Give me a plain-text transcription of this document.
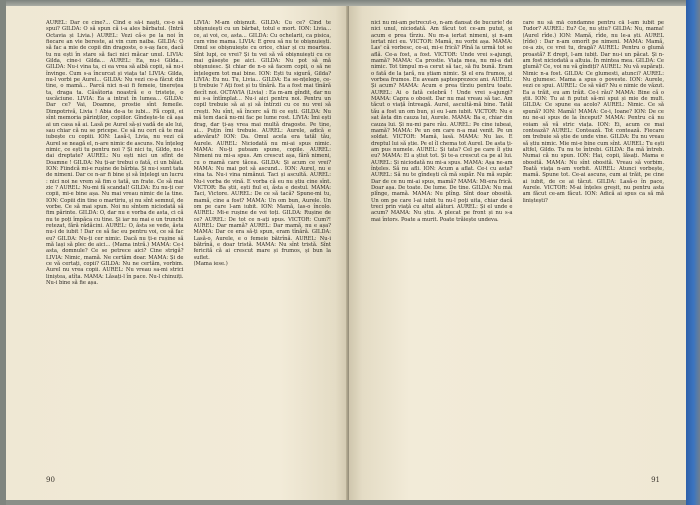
AUREL: Dar ce cine?... Cînd e să-i naști, ce-o să spui? GILDA: O să spun că i-a ales bărbatul. (Intră Octavia și Livia.) AUREL: Vezi că-s pe la noi în fiecare an vie bereste, ai vin cum naiba. GILDA: O să fac a mie de copii din dragoste, o s-aș face, dacă tu nu ești în stare să faci nici măcar unul. LIVIA: Gilda, cine-i Gilda... AUREL: Ea, nu-i Gilda... GILDA: Nu-i vina ta, ci ea vrea să aibă copii, să nu-i învinge. Cum s-a încurcat și viața ta! LIVIA: Gilda, nu-l vorbi pe Aurel... GILDA: Nu vezi ce-a făcut din tine, o mamă... Parcă nici n-ai fi femeie, tinerețea ta, draga ta. Căsătoria noastră e o tristețe, o uscăciune. LIVIA: Ea a intrat în lumea... GILDA: Dar ce? Vai, Doamne, prostie sînt femeile. Dimpotrivă, Livia ! Abia de-a te iubi... Fă copii, ei sînt memoria părinților, copiilor. Gîndește-te că așa ai un casa să ai. Lasă pe Aurel să-și vadă de ale lui, sau chiar că nu se pricepe. Ce să nu ceri că te mai iubește cu copiii. ION: Lasă-l, Livia, nu vezi că Aurel se neagă el, n-are nimic de ascuns. Nu înțeleg nimic, ce ești tu pentru noi ? Și nici tu, Gildo, nu-i dai dreptate? AUREL: Nu ești nici un sfînt de Doamne ! GILDA: Nu ți-ar trebui o fată, ci un băiat. ION: Fiindcă mi-e rușine de bărbia. Și nu-i sunt tata de nimeni. Dar ce n-ar fi bine și să înțelegi un lucru : nici noi ne vrem să fim o tată, un frate. Ce să mai zic ? AUREL: Nu-mi fă scandal! GILDA: Eu nu-ți cer copii, mi-e bine așa. Nu mai vreau nimic de la tine. ION: Copiii din tine o martiriu, și nu sînt semnul, de vorbe. Ce să mai spun. Noi nu sîntem niciodată să fim părinte. GILDA: O, dar nu e vorba de asta, ci că nu te poți împăca cu tine. Și iar nu mai e un trunchi retezat, fără rădăcini. AUREL: O, ăsta se vede, ăsta nu-i de iubit ! Dar ce să fac eu pentru voi, ce să fac eu? GILDA: Nu-ți cer nimic. Dacă nu ți-e rușine să mă lași să plec de aici... (Mama intră.) MAMA: Ce-i asta, domnule? Ce se petrece aici? Cine strigă? LIVIA: Nimic, mamă. Ne certăm doar. MAMA: Și de ce vă certați, copii? GILDA: Nu ne certăm, vorbim. Aurel nu vrea copii. AUREL: Nu vreau sa-mi strici liniștea, atîta. MAMA: Lăsați-l în pace. Nu-l chinuiți. Nu-i bine să fie așa.

LIVIA: M-am obișnuit. GILDA: Cu ce? Cînd te obișnuiești cu un bărbat, totul e mort. ION: Livia... ce, ai voi, ce, asta... GILDA: Cu ochelarii, ca pisica, cum vine mama. LIVIA: E greu să nu te obișnuiești. Omul se obișnuiește cu orice, chiar și cu moartea. Sînt lupi, ce vrei? Și tu vei să vă obișnuiești cu ce mai găsește pe aici. GILDA: Nu pot să mă obișnuiesc. Și chiar de n-o să facem copii, o să ne înțelegem tot mai bine. ION: Ești tu sigură, Gilda? LIVIA: Eu nu. Tu, Livia... GILDA: Ea se-nțelege, ce-ți trebuie ? Ați fost și tu tînără. Ea a fost mai tînără decît noi. OCTAVIA (Livia) : Ea m-am gîndit, dar nu mi s-a întîmplat... Nu-i aici pentru noi. Pentru un copil trebuie să ai și să întîrzii cu ce nu vrei să crești. Nu sînt, să încerc să fii ce ești. GILDA: Nu mă tem dacă nu-mi fac pe lume rost. LIVIA: Îmi ești drag, dar ți-aș vrea mai multă dragoste. Pe tine, ai... Puțin îmi trebuie. AUREL: Aurele, adică e adevărat? ION: Da. Omul acela era tatăl tău, Aurele. AUREL: Niciodată nu mi-ai spus nimic. MAMA: Nu-ți puteam spune, copile. AUREL: Nimeni nu mi-a spus. Am crescut așa, fără nimeni, cu o mamă care tăcea. GILDA: Și acum ce vrei? MAMA: Nu mai pot să ascund... ION: Aurel, nu e vina ta. Nu-i vina nimănui. Taci și ascultă. AUREL: Nu-i vorba de vină. E vorba că eu nu știu cine sînt. VICTOR: Ba știi, ești fiul ei, ăsta e destul. MAMA: Taci, Victore. AUREL: De ce să tacă? Spune-mi tu, mamă, cine a fost? MAMA: Un om bun, Aurele. Un om pe care l-am iubit. ION: Mamă, las-o încolo. AUREL: Mi-e rușine de voi toți. GILDA: Rușine de ce? AUREL: De tot ce n-ați spus. VICTOR: Cum?! AUREL: Dar mamă? AUREL: Dar mamă, nu e așa? MAMA: Dar ce era să-ți spun, eram tînără. GILDA: Lasă-o, Aurele, e o femeie bătrînă. AUREL: Nu-i bătrînă, e doar tristă. MAMA: Nu sînt tristă. Sînt fericită că ai crescut mare și frumos, și bun la suflet.

(Mama iese.)

90

nici nu mi-am petrecut-o, n-am dansat de bucurie! de nici unul, niciodată. Am făcut tot ce-am putut, și acum e prea tîrziu. Nu m-a iertat nimeni, și n-am iertat nici eu. VICTOR: Mamă, nu vorbi așa. MAMA: Las' că vorbesc, ce-ai, mi-e frică? Pînă la urmă tot se află. Ce-a fost, a fost. VICTOR: Unde vrei s-ajungi, mamă? MAMA: Ca prostie. Viața mea, nu mi-a dat nimic. Tot timpul m-a cerut să tac, să fiu bună. Eram o fată de la țară, nu știam nimic. Și el era frumos, și vorbea frumos. Eu aveam șaptesprezece ani. AUREL: Și acum? MAMA: Acum e prea tîrziu pentru toate. AUREL: Ai o fată celebră ! Unde vrei s-ajungi? MAMA: Capra o obosit. Dar nu mai vreau să tac. Am tăcut o viață întreagă. Aurel, ascultă-mă bine. Tatăl tău a fost un om bun, și eu l-am iubit. VICTOR: Nu e sat ăsta din cauza lui, Aurele. MAMA: Ba e, chiar din cauza lui. Și nu-mi pare rău. AUREL: Pe cine iubeai, mamă? MAMA: Pe un om care n-a mai venit. Pe un soldat. VICTOR: Mamă, lasă. MAMA: Nu las. E dreptul lui să știe. Pe el îl chema tot Aurel. De asta ți-am pus numele. AUREL: Și tata? Cel pe care îl știu eu? MAMA: El a știut tot. Și te-a crescut ca pe al lui. AUREL: Și niciodată nu mi-a spus. MAMA: Așa ne-am înțeles. Să nu afli. ION: Acum a aflat. Ce-i cu asta? AUREL: Să nu te gîndești că mă supăr. Nu mă supăr. Dar de ce nu mi-ai spus, mamă? MAMA: Mi-era frică. Doar așa. De toate. De lume. De tine. GILDA: Nu mai plînge, mamă. MAMA: Nu plîng. Sînt doar obosită. Un om pe care l-ai iubit tu nu-l poți uita, chiar dacă treci prin viață cu altul alături. AUREL: Și el unde e acum? MAMA: Nu știu. A plecat pe front și nu s-a mai întors. Poate a murit. Poate trăiește undeva.

care nu să mă condamne pentru că l-am iubit pe Tudor? AUREL: Eu? Ce, nu știu? GILDA: Nu, mama! (Aurel rîde.) ION: Mamă, rîde, nu le-a ști. AUREL (rîde) : Dar n-am omorît pe nimeni. MAMA: Mamă, ce-a zis, ce vrei tu, dragă? AUREL: Pentru o glumă proastă? E drept, l-am iubit. Dar nu-i un păcat. Și n-am fost niciodată a altuia. În mintea mea. GILDA: Ce glumă? Ce, voi nu vă gîndiți? AUREL: Nu vă supărați. Nimic n-a fost. GILDA: Ce glumesti, atunci? AUREL: Nu glumesc. Mama a spus o poveste. ION: Aurele, vezi ce spui. AUREL: Ce să văd? Nu e nimic de văzut. Ea a trăit, eu am trăit. Ce-i rău? MAMA: Bine că o știi. ION: Tu ai fi putut să-mi spui și mie de mult. GILDA: Ce spune ea acolo? AUREL: Nimic. Ce să spună? ION: Mamă! MAMA: Ce-i, Ioane? ION: De ce nu ne-ai spus de la început? MAMA: Pentru că nu voiam să vă stric viața. ION: Ei, acum ce mai contează? AUREL: Contează. Tot contează. Fiecare om trebuie să știe de unde vine. GILDA: Eu nu vreau să știu nimic. Mie mi-e bine cum sînt. AUREL: Tu ești altfel, Gildo. Tu nu te întrebi. GILDA: Ba mă întreb. Numai că nu spun. ION: Hai, copii, lăsați. Mama e obosită. MAMA: Nu sînt obosită. Vreau să vorbim. Toată viața n-am vorbit. AUREL: Atunci vorbește, mamă. Spune tot. Ce-ai ascuns, cum ai trăit, pe cine ai iubit, de ce ai tăcut. GILDA: Lasă-o în pace, Aurele. VICTOR: M-ai înțeles greșit, nu pentru asta am făcut ce-am făcut. ION: Adică ai spus ca să mă liniștești?

91
